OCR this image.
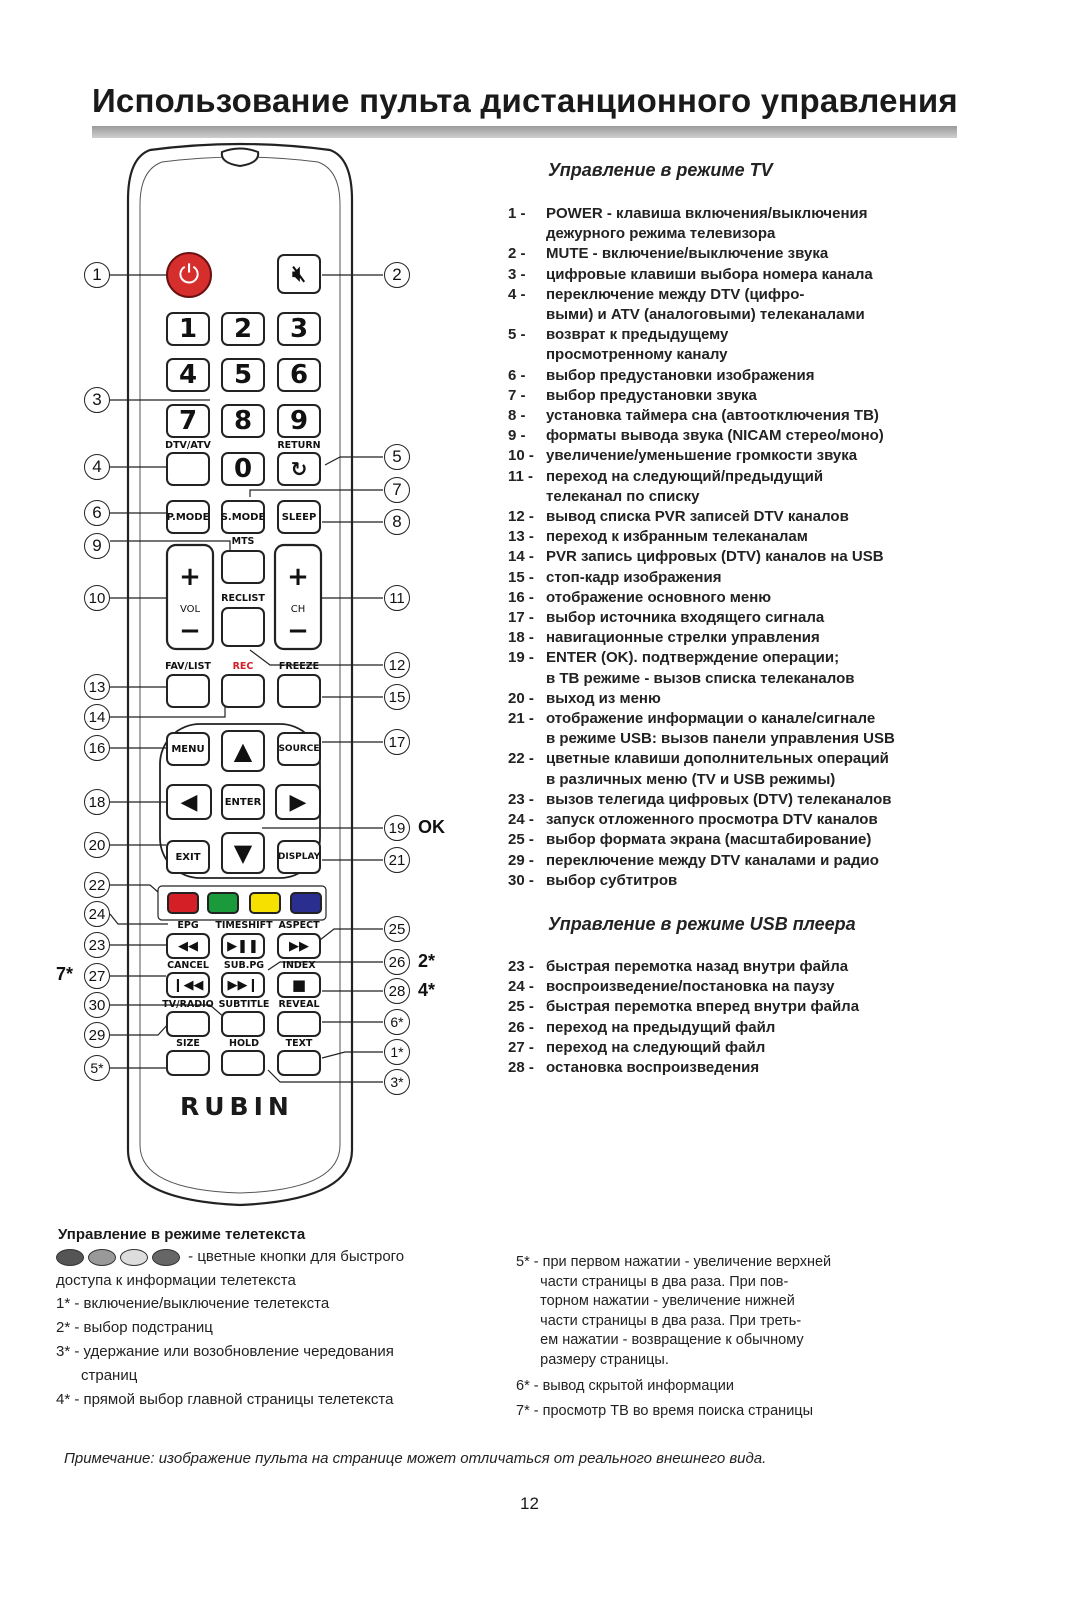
Использование пульта дистанционного управления
⏻	🔇︎
1	2	3
4	5	6
7	8	9
DTV/ATV	RETURN
0	↻
P.MODE S.MODE	SLEEP
MTS
RECLIST
+
VOL
−
+
CH
−
FAV/LIST REC	FREEZE
MENU	SOURCE
▲
◀	ENTER ▶
EXIT	▼	DISPLAY
EPG TIMESHIFT ASPECT
◀◀ ▶❚❚ ▶▶
CANCEL SUB.PG INDEX
❙◀◀ ▶▶❙ ■
TV/RADIO SUBTITLE REVEAL
SIZE	HOLD	TEXT
RUBIN
1
3
4
6
9
10
13
14
16
18
20
22
24
23
7*	27
30
29
5*
2
5
7
8
11
12
15
17
19 OK
21
25
26 2*
28 4*
6*
1*
3*
Управление в режиме TV
1 -	POWER - клавиша включения/выключения
дежурного режима телевизора
2 -	MUTE - включение/выключение звука
3 -	цифровые клавиши выбора номера канала
4 -	переключение между DTV (цифро-
выми) и ATV (аналоговыми) телеканалами
5 -	возврат к предыдущему
просмотренному каналу
6 -	выбор предустановки изображения
7 -	выбор предустановки звука
8 -	установка таймера сна (автоотключения ТВ)
9 -	форматы вывода звука (NICAM стерео/моно)
10 - увеличение/уменьшение громкости звука
11 - переход на следующий/предыдущий
телеканал по списку
12 - вывод списка PVR записей DTV каналов
13 - переход к избранным телеканалам
14 - PVR запись цифровых (DTV) каналов на USB
15 - стоп-кадр изображения
16 - отображение основного меню
17 - выбор источника входящего сигнала
18 - навигационные стрелки управления
19 - ENTER (OK). подтверждение операции;
в ТВ режиме - вызов списка телеканалов
20 - выход из меню
21 - отображение информации о канале/сигнале
в режиме USB: вызов панели управления USB
22 - цветные клавиши дополнительных операций
в различных меню (TV и USB режимы)
23 - вызов телегида цифровых (DTV) телеканалов
24 - запуск отложенного просмотра DTV каналов
25 - выбор формата экрана (масштабирование)
29 - переключение между DTV каналами и радио
30 - выбор субтитров
Управление в режиме USB плеера
23 - быстрая перемотка назад внутри файла
24 - воспроизведение/постановка на паузу
25 - быстрая перемотка вперед внутри файла
26 - переход на предыдущий файл
27 - переход на следующий файл
28 - остановка воспроизведения
Управление в режиме телетекста
- цветные кнопки для быстрого
доступа к информации телетекста
1* - включение/выключение телетекста
2* - выбор подстраниц
3* - удержание или возобновление чередования
страниц
4* - прямой выбор главной страницы телетекста
5* - при первом нажатии - увеличение верхней
части страницы в два раза. При пов-
торном нажатии - увеличение нижней
части страницы в два раза. При треть-
ем нажатии - возвращение к обычному
размеру страницы.
6* - вывод скрытой информации
7* - просмотр ТВ во время поиска страницы
Примечание: изображение пульта на странице может отличаться от реального внешнего вида.
12
